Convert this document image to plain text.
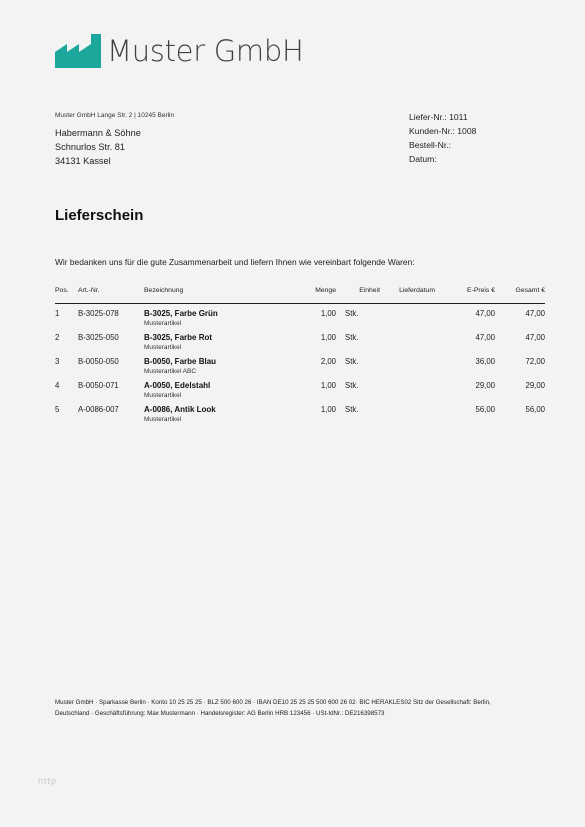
Muster GmbH
Muster GmbH Lange Str. 2 | 10245 Berlin
Habermann & Söhne
Schnurlos Str. 81
34131 Kassel
Liefer-Nr.: 1011
Kunden-Nr.: 1008
Bestell-Nr.:
Datum:
Lieferschein
Wir bedanken uns für die gute Zusammenarbeit und liefern Ihnen wie vereinbart folgende Waren:
Pos.	Art.-Nr.	Bezeichnung	Menge	Einheit	Lieferdatum	E-Preis €	Gesamt €
1	B-3025-078	B-3025, Farbe Grün
Musterartikel	1,00	Stk.		47,00	47,00
2	B-3025-050	B-3025, Farbe Rot
Musterartikel	1,00	Stk.		47,00	47,00
3	B-0050-050	B-0050, Farbe Blau
Musterartikel ABC	2,00	Stk.		36,00	72,00
4	B-0050-071	A-0050, Edelstahl
Musterartikel	1,00	Stk.		29,00	29,00
5	A-0086-007	A-0086, Antik Look
Musterartikel	1,00	Stk.		56,00	56,00
Muster GmbH · Sparkasse Berlin · Konto 10 25 25 25 · BLZ 500 600 26 · IBAN DE10 25 25 25 500 600 26 02· BIC HERAKLES02 Sitz der Gesellschaft: Berlin,
Deutschland · Geschäftsführung: Max Mustermann · Handelsregister: AG Berlin HRB 123456 · USt-IdNr.: DE216398573
http
